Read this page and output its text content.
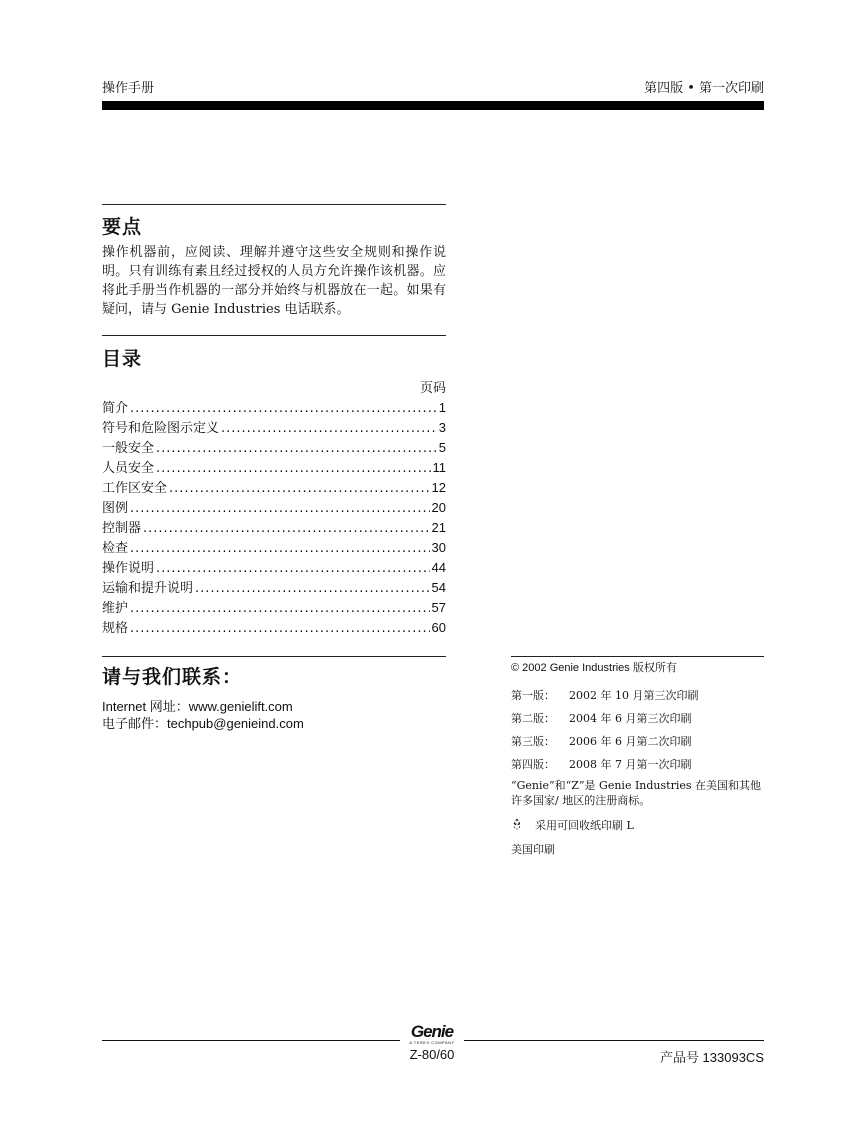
操作手册	第四版 • 第一次印刷
要点
操作机器前，应阅读、理解并遵守这些安全规则和操作说明。只有训练有素且经过授权的人员方允许操作该机器。应将此手册当作机器的一部分并始终与机器放在一起。如果有疑问，请与 Genie Industries 电话联系。
目录
页码
简介 .....	1
符号和危险图示定义 .....	3
一般安全 .....	5
人员安全 .....	11
工作区安全 .....	12
图例 .....	20
控制器 .....	21
检查 .....	30
操作说明 .....	44
运输和提升说明 .....	54
维护 .....	57
规格 .....	60
请与我们联系：
Internet 网址：www.genielift.com
电子邮件：techpub@genieind.com
© 2002 Genie Industries 版权所有
第一版：	2002 年 10 月第三次印刷
第二版：	2004 年 6 月第三次印刷
第三版：	2006 年 6 月第二次印刷
第四版：	2008 年 7 月第一次印刷
“Genie”和“Z”是 Genie Industries 在美国和其他许多国家/ 地区的注册商标。
采用可回收纸印刷 L
美国印刷
Genie
A TEREX COMPANY
Z-80/60	产品号 133093CS
